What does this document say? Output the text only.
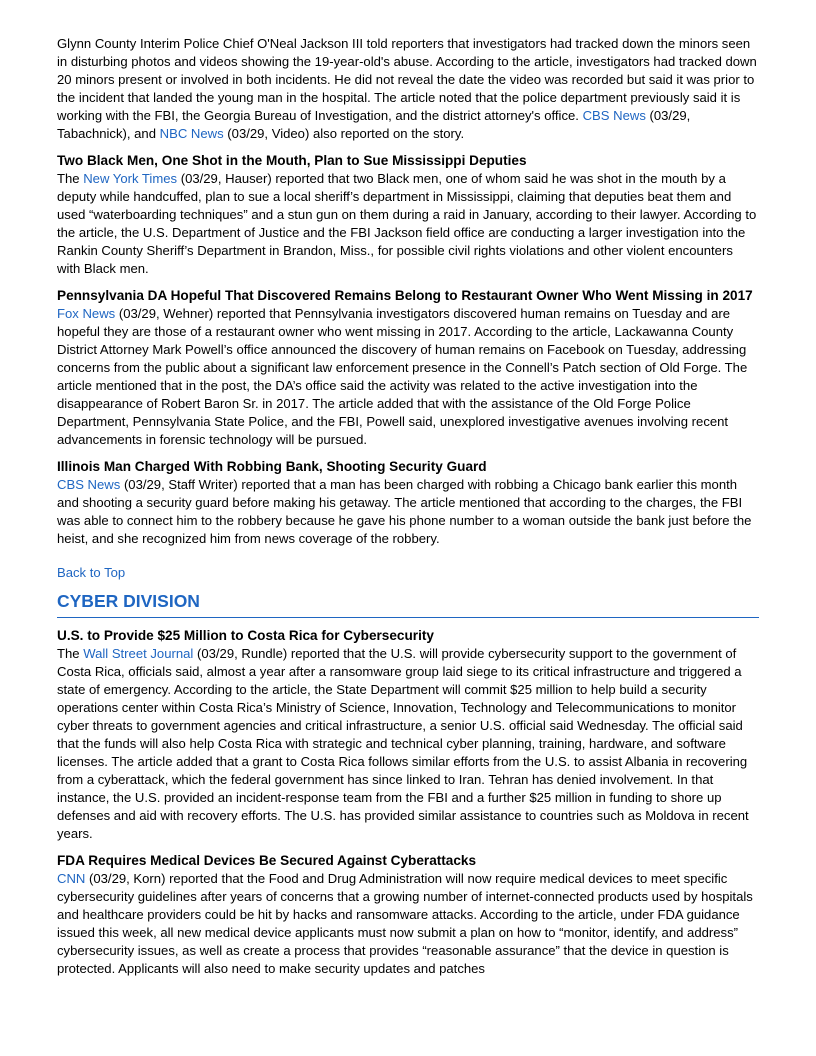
Glynn County Interim Police Chief O'Neal Jackson III told reporters that investigators had tracked down the minors seen in disturbing photos and videos showing the 19-year-old's abuse. According to the article, investigators had tracked down 20 minors present or involved in both incidents. He did not reveal the date the video was recorded but said it was prior to the incident that landed the young man in the hospital. The article noted that the police department previously said it is working with the FBI, the Georgia Bureau of Investigation, and the district attorney's office. CBS News (03/29, Tabachnick), and NBC News (03/29, Video) also reported on the story.

Two Black Men, One Shot in the Mouth, Plan to Sue Mississippi Deputies

The New York Times (03/29, Hauser) reported that two Black men, one of whom said he was shot in the mouth by a deputy while handcuffed, plan to sue a local sheriff’s department in Mississippi, claiming that deputies beat them and used “waterboarding techniques” and a stun gun on them during a raid in January, according to their lawyer. According to the article, the U.S. Department of Justice and the FBI Jackson field office are conducting a larger investigation into the Rankin County Sheriff’s Department in Brandon, Miss., for possible civil rights violations and other violent encounters with Black men.

Pennsylvania DA Hopeful That Discovered Remains Belong to Restaurant Owner Who Went Missing in 2017

Fox News (03/29, Wehner) reported that Pennsylvania investigators discovered human remains on Tuesday and are hopeful they are those of a restaurant owner who went missing in 2017. According to the article, Lackawanna County District Attorney Mark Powell’s office announced the discovery of human remains on Facebook on Tuesday, addressing concerns from the public about a significant law enforcement presence in the Connell’s Patch section of Old Forge. The article mentioned that in the post, the DA’s office said the activity was related to the active investigation into the disappearance of Robert Baron Sr. in 2017. The article added that with the assistance of the Old Forge Police Department, Pennsylvania State Police, and the FBI, Powell said, unexplored investigative avenues involving recent advancements in forensic technology will be pursued.

Illinois Man Charged With Robbing Bank, Shooting Security Guard

CBS News (03/29, Staff Writer) reported that a man has been charged with robbing a Chicago bank earlier this month and shooting a security guard before making his getaway. The article mentioned that according to the charges, the FBI was able to connect him to the robbery because he gave his phone number to a woman outside the bank just before the heist, and she recognized him from news coverage of the robbery.

Back to Top

CYBER DIVISION

U.S. to Provide $25 Million to Costa Rica for Cybersecurity

The Wall Street Journal (03/29, Rundle) reported that the U.S. will provide cybersecurity support to the government of Costa Rica, officials said, almost a year after a ransomware group laid siege to its critical infrastructure and triggered a state of emergency. According to the article, the State Department will commit $25 million to help build a security operations center within Costa Rica’s Ministry of Science, Innovation, Technology and Telecommunications to monitor cyber threats to government agencies and critical infrastructure, a senior U.S. official said Wednesday. The official said that the funds will also help Costa Rica with strategic and technical cyber planning, training, hardware, and software licenses. The article added that a grant to Costa Rica follows similar efforts from the U.S. to assist Albania in recovering from a cyberattack, which the federal government has since linked to Iran. Tehran has denied involvement. In that instance, the U.S. provided an incident-response team from the FBI and a further $25 million in funding to shore up defenses and aid with recovery efforts. The U.S. has provided similar assistance to countries such as Moldova in recent years.

FDA Requires Medical Devices Be Secured Against Cyberattacks

CNN (03/29, Korn) reported that the Food and Drug Administration will now require medical devices to meet specific cybersecurity guidelines after years of concerns that a growing number of internet-connected products used by hospitals and healthcare providers could be hit by hacks and ransomware attacks. According to the article, under FDA guidance issued this week, all new medical device applicants must now submit a plan on how to “monitor, identify, and address” cybersecurity issues, as well as create a process that provides “reasonable assurance” that the device in question is protected. Applicants will also need to make security updates and patches
